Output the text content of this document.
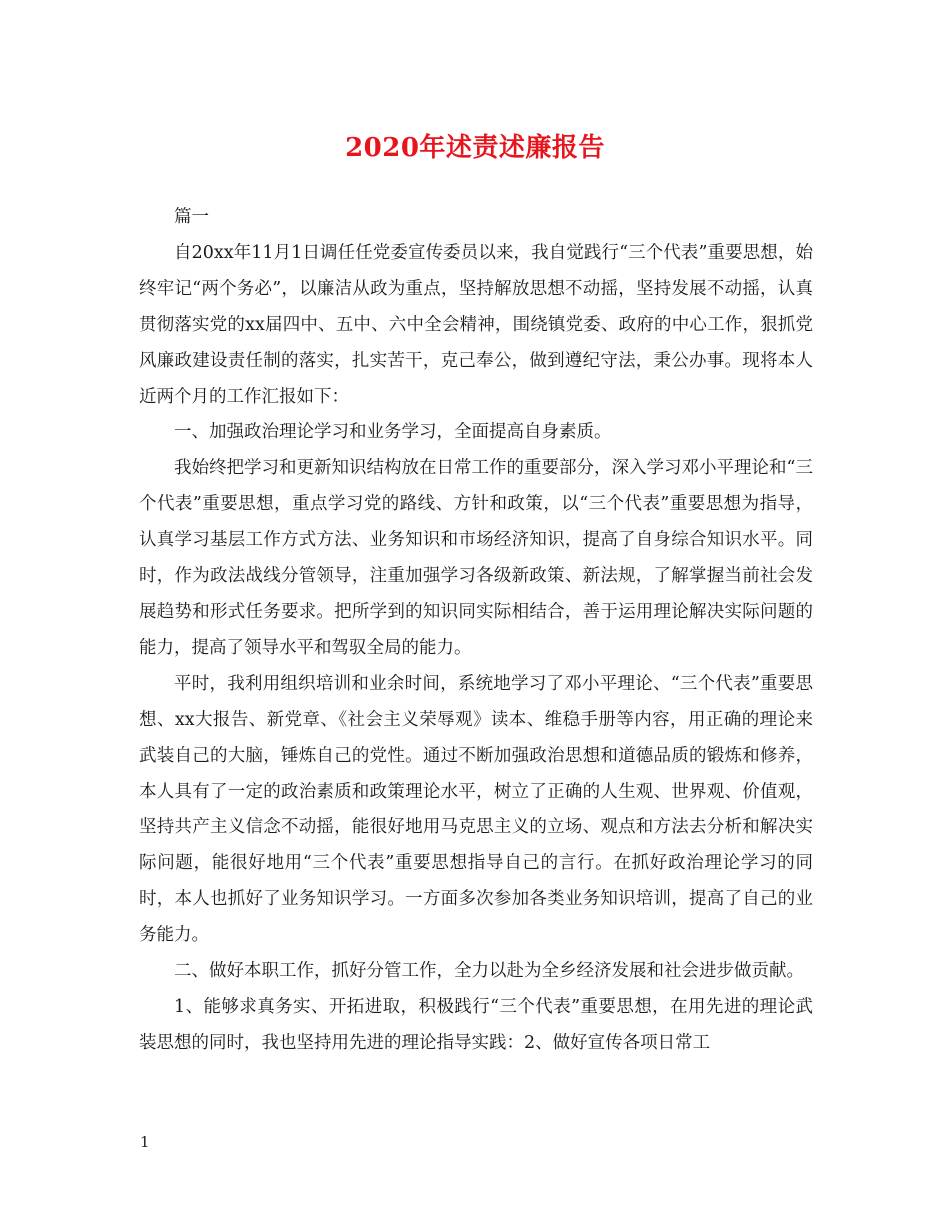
2020年述责述廉报告

篇一

自20xx年11月1日调任任党委宣传委员以来，我自觉践行“三个代表”重要思想，始终牢记“两个务必”，以廉洁从政为重点，坚持解放思想不动摇，坚持发展不动摇，认真贯彻落实党的xx届四中、五中、六中全会精神，围绕镇党委、政府的中心工作，狠抓党风廉政建设责任制的落实，扎实苦干，克己奉公，做到遵纪守法，秉公办事。现将本人近两个月的工作汇报如下：

一、加强政治理论学习和业务学习，全面提高自身素质。

我始终把学习和更新知识结构放在日常工作的重要部分，深入学习邓小平理论和“三个代表”重要思想，重点学习党的路线、方针和政策，以“三个代表”重要思想为指导，认真学习基层工作方式方法、业务知识和市场经济知识，提高了自身综合知识水平。同时，作为政法战线分管领导，注重加强学习各级新政策、新法规，了解掌握当前社会发展趋势和形式任务要求。把所学到的知识同实际相结合，善于运用理论解决实际问题的能力，提高了领导水平和驾驭全局的能力。

平时，我利用组织培训和业余时间，系统地学习了邓小平理论、“三个代表”重要思想、xx大报告、新党章、《社会主义荣辱观》读本、维稳手册等内容，用正确的理论来武装自己的大脑，锤炼自己的党性。通过不断加强政治思想和道德品质的锻炼和修养，本人具有了一定的政治素质和政策理论水平，树立了正确的人生观、世界观、价值观，坚持共产主义信念不动摇，能很好地用马克思主义的立场、观点和方法去分析和解决实际问题，能很好地用“三个代表”重要思想指导自己的言行。在抓好政治理论学习的同时，本人也抓好了业务知识学习。一方面多次参加各类业务知识培训，提高了自己的业务能力。

二、做好本职工作，抓好分管工作，全力以赴为全乡经济发展和社会进步做贡献。

1、能够求真务实、开拓进取，积极践行“三个代表”重要思想，在用先进的理论武装思想的同时，我也坚持用先进的理论指导实践：2、做好宣传各项日常工

1
